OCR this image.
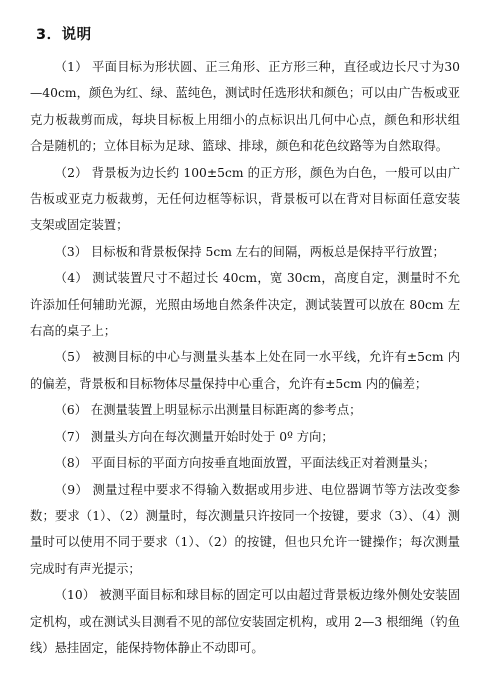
3．说明

（1） 平面目标为形状圆、正三角形、正方形三种，直径或边长尺寸为30—40cm，颜色为红、绿、蓝纯色，测试时任选形状和颜色；可以由广告板或亚克力板裁剪而成，每块目标板上用细小的点标识出几何中心点，颜色和形状组合是随机的；立体目标为足球、篮球、排球，颜色和花色纹路等为自然取得。

（2） 背景板为边长约 100±5cm 的正方形，颜色为白色，一般可以由广告板或亚克力板裁剪，无任何边框等标识，背景板可以在背对目标面任意安装支架或固定装置；

（3） 目标板和背景板保持 5cm 左右的间隔，两板总是保持平行放置；

（4） 测试装置尺寸不超过长 40cm，宽 30cm，高度自定，测量时不允许添加任何辅助光源，光照由场地自然条件决定，测试装置可以放在 80cm 左右高的桌子上；

（5） 被测目标的中心与测量头基本上处在同一水平线，允许有±5cm 内的偏差，背景板和目标物体尽量保持中心重合，允许有±5cm 内的偏差；

（6） 在测量装置上明显标示出测量目标距离的参考点；

（7） 测量头方向在每次测量开始时处于 0º 方向；

（8） 平面目标的平面方向按垂直地面放置，平面法线正对着测量头；

（9） 测量过程中要求不得输入数据或用步进、电位器调节等方法改变参数；要求（1）、（2）测量时，每次测量只许按同一个按键，要求（3）、（4）测量时可以使用不同于要求（1）、（2）的按键，但也只允许一键操作；每次测量完成时有声光提示；

（10） 被测平面目标和球目标的固定可以由超过背景板边缘外侧处安装固定机构，或在测试头目测看不见的部位安装固定机构，或用 2—3 根细绳（钓鱼线）悬挂固定，能保持物体静止不动即可。
